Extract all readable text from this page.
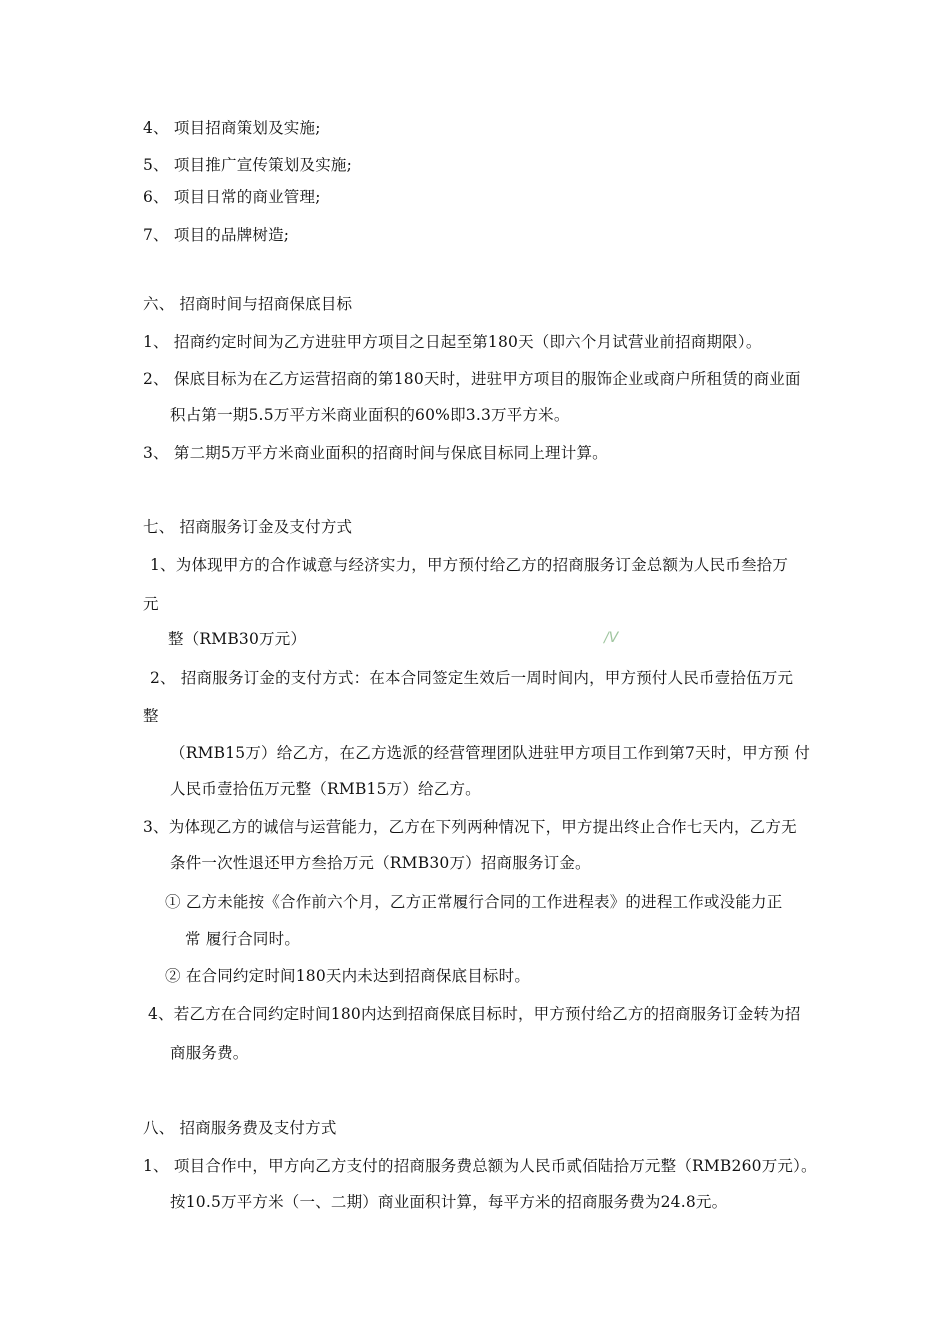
4、 项目招商策划及实施;
5、 项目推广宣传策划及实施;
6、 项目日常的商业管理;
7、 项目的品牌树造;
六、 招商时间与招商保底目标
1、 招商约定时间为乙方进驻甲方项目之日起至第180天（即六个月试营业前招商期限）。
2、 保底目标为在乙方运营招商的第180天时，进驻甲方项目的服饰企业或商户所租赁的商业面
积占第一期5.5万平方米商业面积的60%即3.3万平方米。
3、 第二期5万平方米商业面积的招商时间与保底目标同上理计算。
七、 招商服务订金及支付方式
1、为体现甲方的合作诚意与经济实力，甲方预付给乙方的招商服务订金总额为人民币叁拾万
元
整（RMB30万元）	/V
2、 招商服务订金的支付方式：在本合同签定生效后一周时间内，甲方预付人民币壹拾伍万元
整
（RMB15万）给乙方，在乙方选派的经营管理团队进驻甲方项目工作到第7天时，甲方预 付
人民币壹拾伍万元整（RMB15万）给乙方。
3、为体现乙方的诚信与运营能力，乙方在下列两种情况下，甲方提出终止合作七天内，乙方无
条件一次性退还甲方叁拾万元（RMB30万）招商服务订金。
① 乙方未能按《合作前六个月，乙方正常履行合同的工作进程表》的进程工作或没能力正
常 履行合同时。
② 在合同约定时间180天内未达到招商保底目标时。
4、若乙方在合同约定时间180内达到招商保底目标时，甲方预付给乙方的招商服务订金转为招
商服务费。
八、 招商服务费及支付方式
1、 项目合作中，甲方向乙方支付的招商服务费总额为人民币贰佰陆拾万元整（RMB260万元）。
按10.5万平方米（一、二期）商业面积计算，每平方米的招商服务费为24.8元。
